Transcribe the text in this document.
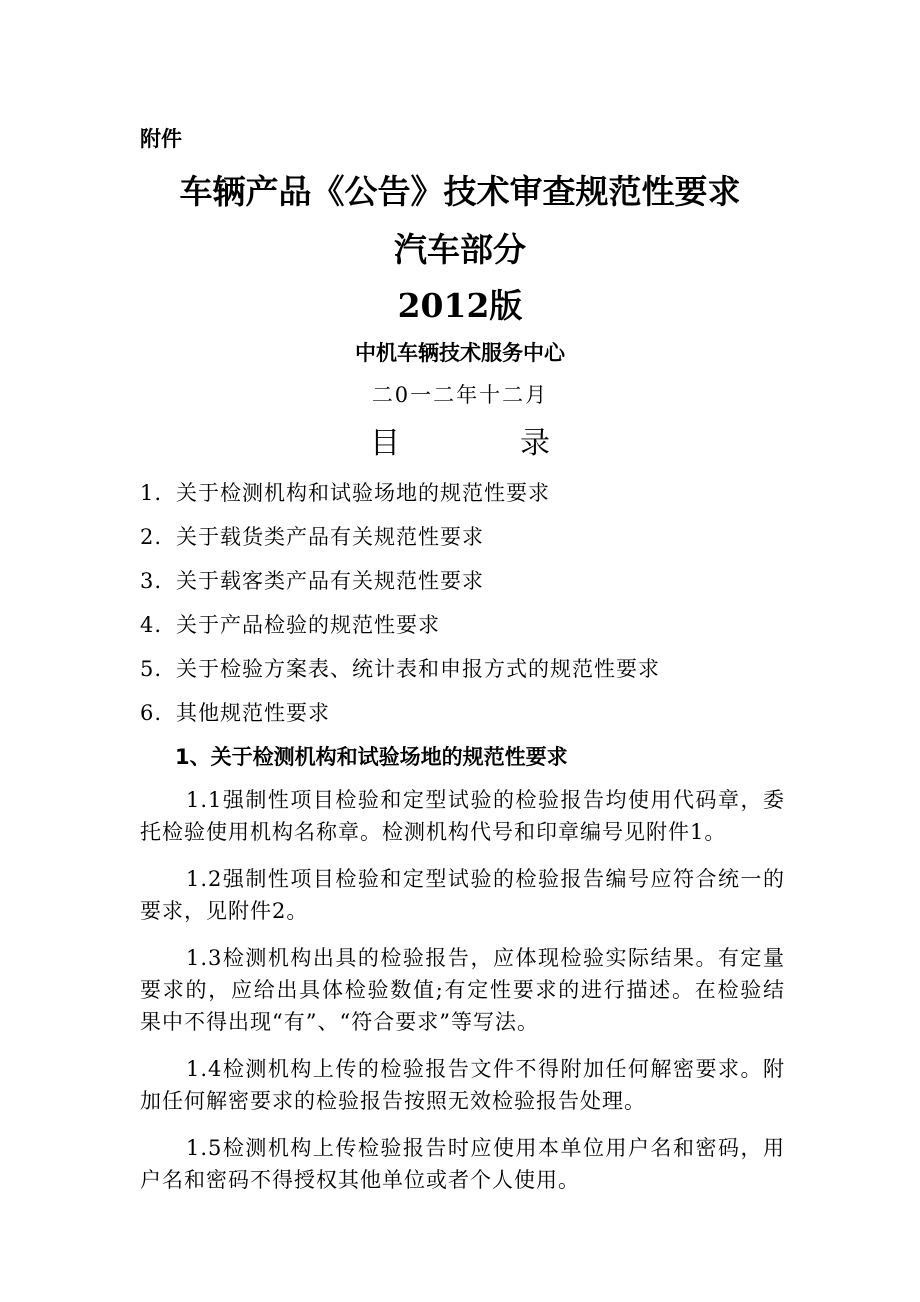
附件
车辆产品《公告》技术审查规范性要求
汽车部分
2012版
中机车辆技术服务中心
二0一二年十二月
目	录
1. 关于检测机构和试验场地的规范性要求
2. 关于载货类产品有关规范性要求
3. 关于载客类产品有关规范性要求
4. 关于产品检验的规范性要求
5. 关于检验方案表、统计表和申报方式的规范性要求
6. 其他规范性要求
1、关于检测机构和试验场地的规范性要求

1.1强制性项目检验和定型试验的检验报告均使用代码章，委托检验使用机构名称章。检测机构代号和印章编号见附件1。

1.2强制性项目检验和定型试验的检验报告编号应符合统一的要求，见附件2。

1.3检测机构出具的检验报告，应体现检验实际结果。有定量要求的，应给出具体检验数值;有定性要求的进行描述。在检验结果中不得出现“有”、“符合要求”等写法。

1.4检测机构上传的检验报告文件不得附加任何解密要求。附加任何解密要求的检验报告按照无效检验报告处理。

1.5检测机构上传检验报告时应使用本单位用户名和密码，用户名和密码不得授权其他单位或者个人使用。
